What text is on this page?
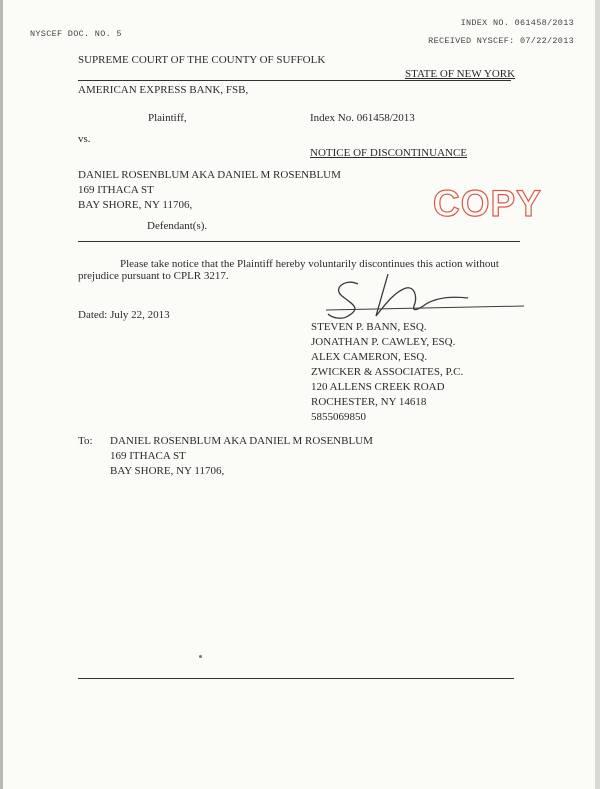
NYSCEF DOC. NO. 5
INDEX NO. 061458/2013
RECEIVED NYSCEF: 07/22/2013
SUPREME COURT OF THE COUNTY OF SUFFOLK
STATE OF NEW YORK
AMERICAN EXPRESS BANK, FSB,
Plaintiff,	Index No. 061458/2013
vs.
NOTICE OF DISCONTINUANCE
DANIEL ROSENBLUM AKA DANIEL M ROSENBLUM
169 ITHACA ST
BAY SHORE, NY 11706,
Defendant(s).
COPY
Please take notice that the Plaintiff hereby voluntarily discontinues this action without
prejudice pursuant to CPLR 3217.
Dated: July 22, 2013
STEVEN P. BANN, ESQ.
JONATHAN P. CAWLEY, ESQ.
ALEX CAMERON, ESQ.
ZWICKER & ASSOCIATES, P.C.
120 ALLENS CREEK ROAD
ROCHESTER, NY 14618
5855069850
To: DANIEL ROSENBLUM AKA DANIEL M ROSENBLUM
169 ITHACA ST
BAY SHORE, NY 11706,
